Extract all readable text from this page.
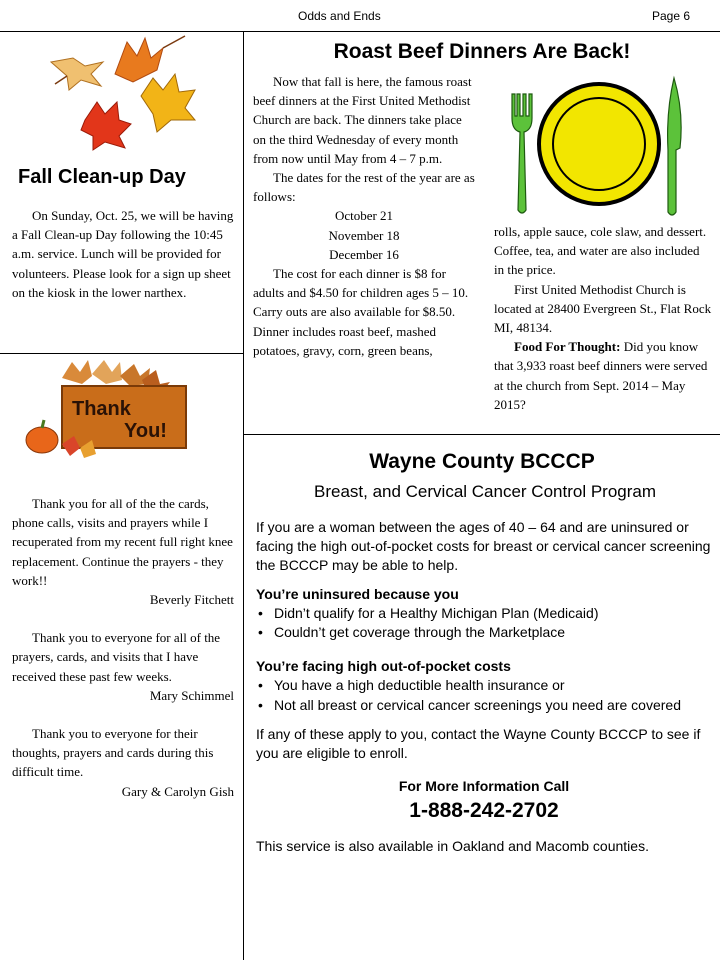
Odds and Ends	Page 6
Fall Clean-up Day

On Sunday, Oct. 25, we will be having a Fall Clean-up Day following the 10:45 a.m. service. Lunch will be provided for volunteers. Please look for a sign up sheet on the kiosk in the lower narthex.

Thank
You!

Thank you for all of the the cards, phone calls, visits and prayers while I recuperated from my recent full right knee replacement. Continue the prayers - they work!!

Beverly Fitchett

Thank you to everyone for all of the prayers, cards, and visits that I have received these past few weeks.

Mary Schimmel

Thank you to everyone for their thoughts, prayers and cards during this difficult time.

Gary & Carolyn Gish
Roast Beef Dinners Are Back!

Now that fall is here, the famous roast beef dinners at the First United Methodist Church are back. The dinners take place on the third Wednesday of every month from now until May from 4 – 7 p.m.

The dates for the rest of the year are as follows:

October 21
November 18
December 16

The cost for each dinner is $8 for adults and $4.50 for children ages 5 – 10. Carry outs are also available for $8.50. Dinner includes roast beef, mashed potatoes, gravy, corn, green beans,

rolls, apple sauce, cole slaw, and dessert. Coffee, tea, and water are also included in the price.

First United Methodist Church is located at 28400 Evergreen St., Flat Rock MI, 48134.

Food For Thought: Did you know that 3,933 roast beef dinners were served at the church from Sept. 2014 – May 2015?

Wayne County BCCCP
Breast, and Cervical Cancer Control Program
If you are a woman between the ages of 40 – 64 and are uninsured or facing the high out-of-pocket costs for breast or cervical cancer screening the BCCCP may be able to help.
You’re uninsured because you
• Didn’t qualify for a Healthy Michigan Plan (Medicaid)
• Couldn’t get coverage through the Marketplace
You’re facing high out-of-pocket costs
• You have a high deductible health insurance or
• Not all breast or cervical cancer screenings you need are covered
If any of these apply to you, contact the Wayne County BCCCP to see if you are eligible to enroll.
For More Information Call
1-888-242-2702
This service is also available in Oakland and Macomb counties.
